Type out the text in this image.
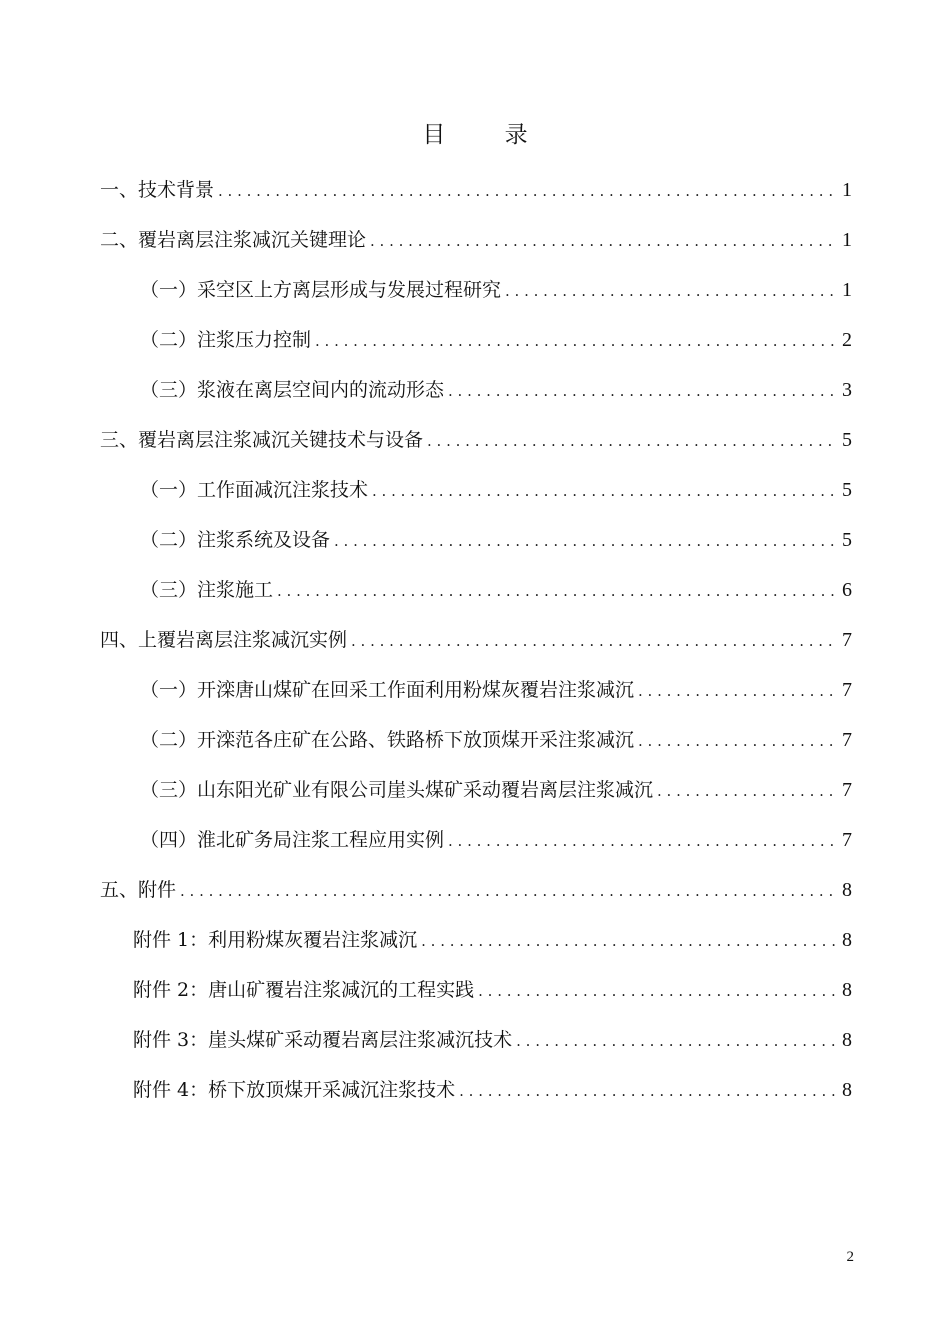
目 录
一、技术背景 . . .	1
二、覆岩离层注浆减沉关键理论 . . .	1
（一）采空区上方离层形成与发展过程研究 . . .	1
（二）注浆压力控制 . . .	2
（三）浆液在离层空间内的流动形态 . . .	3
三、覆岩离层注浆减沉关键技术与设备 . . .	5
（一）工作面减沉注浆技术 . . .	5
（二）注浆系统及设备 . . .	5
（三）注浆施工 . . .	6
四、上覆岩离层注浆减沉实例 . . .	7
（一）开滦唐山煤矿在回采工作面利用粉煤灰覆岩注浆减沉 . . .	7
（二）开滦范各庄矿在公路、铁路桥下放顶煤开采注浆减沉 . . .	7
（三）山东阳光矿业有限公司崖头煤矿采动覆岩离层注浆减沉 . . .	7
（四）淮北矿务局注浆工程应用实例 . . .	7
五、附件 . . .	8
附件 1：利用粉煤灰覆岩注浆减沉 . . .	8
附件 2：唐山矿覆岩注浆减沉的工程实践 . . .	8
附件 3：崖头煤矿采动覆岩离层注浆减沉技术 . . .	8
附件 4：桥下放顶煤开采减沉注浆技术 . . .	8
2
